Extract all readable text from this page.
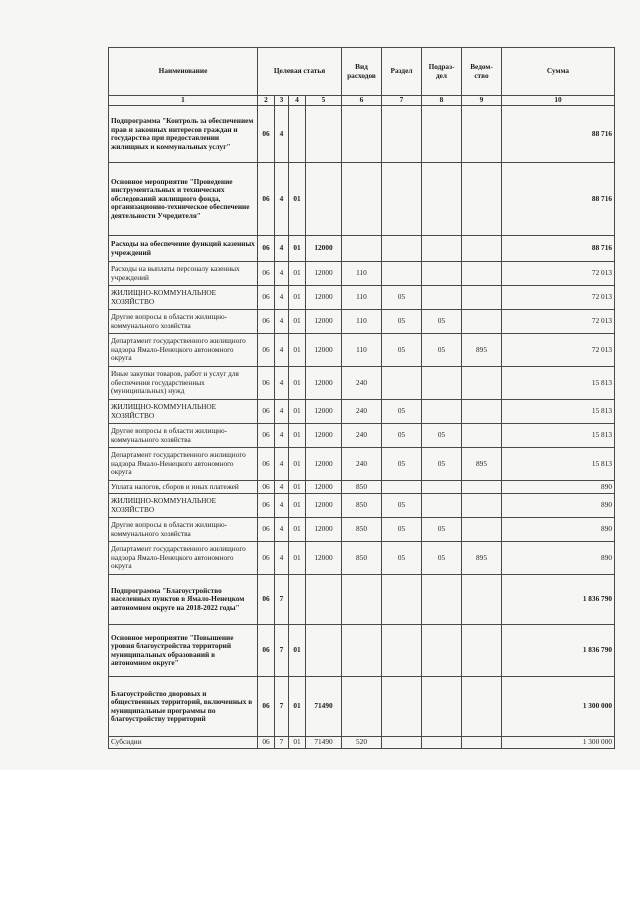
Наименование	Целевая статья				Вид расходов	Раздел	Подраз-дел	Ведом-ство	Сумма
1	2	3	4	5	6	7	8	9	10
Подпрограмма "Контроль за обеспечением прав и законных интересов граждан и государства при предоставлении жилищных и коммунальных услуг"	06	4							88 716
Основное мероприятие "Проведение инструментальных и технических обследований жилищного фонда, организационно-техническое обеспечение деятельности Учредителя"	06	4	01						88 716
Расходы на обеспечение функций казенных учреждений	06	4	01	12000					88 716
Расходы на выплаты персоналу казенных учреждений	06	4	01	12000	110				72 013
ЖИЛИЩНО-КОММУНАЛЬНОЕ ХОЗЯЙСТВО	06	4	01	12000	110	05			72 013
Другие вопросы в области жилищно-коммунального хозяйства	06	4	01	12000	110	05	05		72 013
Департамент государственного жилищного надзора Ямало-Ненецкого автономного округа	06	4	01	12000	110	05	05	895	72 013
Иные закупки товаров, работ и услуг для обеспечения государственных (муниципальных) нужд	06	4	01	12000	240				15 813
ЖИЛИЩНО-КОММУНАЛЬНОЕ ХОЗЯЙСТВО	06	4	01	12000	240	05			15 813
Другие вопросы в области жилищно-коммунального хозяйства	06	4	01	12000	240	05	05		15 813
Департамент государственного жилищного надзора Ямало-Ненецкого автономного округа	06	4	01	12000	240	05	05	895	15 813
Уплата налогов, сборов и иных платежей	06	4	01	12000	850				890
ЖИЛИЩНО-КОММУНАЛЬНОЕ ХОЗЯЙСТВО	06	4	01	12000	850	05			890
Другие вопросы в области жилищно-коммунального хозяйства	06	4	01	12000	850	05	05		890
Департамент государственного жилищного надзора Ямало-Ненецкого автономного округа	06	4	01	12000	850	05	05	895	890
Подпрограмма "Благоустройство населенных пунктов в Ямало-Ненецком автономном округе на 2018-2022 годы"	06	7							1 836 790
Основное мероприятие "Повышение уровня благоустройства территорий муниципальных образований в автономном округе"	06	7	01						1 836 790
Благоустройство дворовых и общественных территорий, включенных в муниципальные программы по благоустройству территорий	06	7	01	71490					1 300 000
Субсидии	06	7	01	71490	520				1 300 000
